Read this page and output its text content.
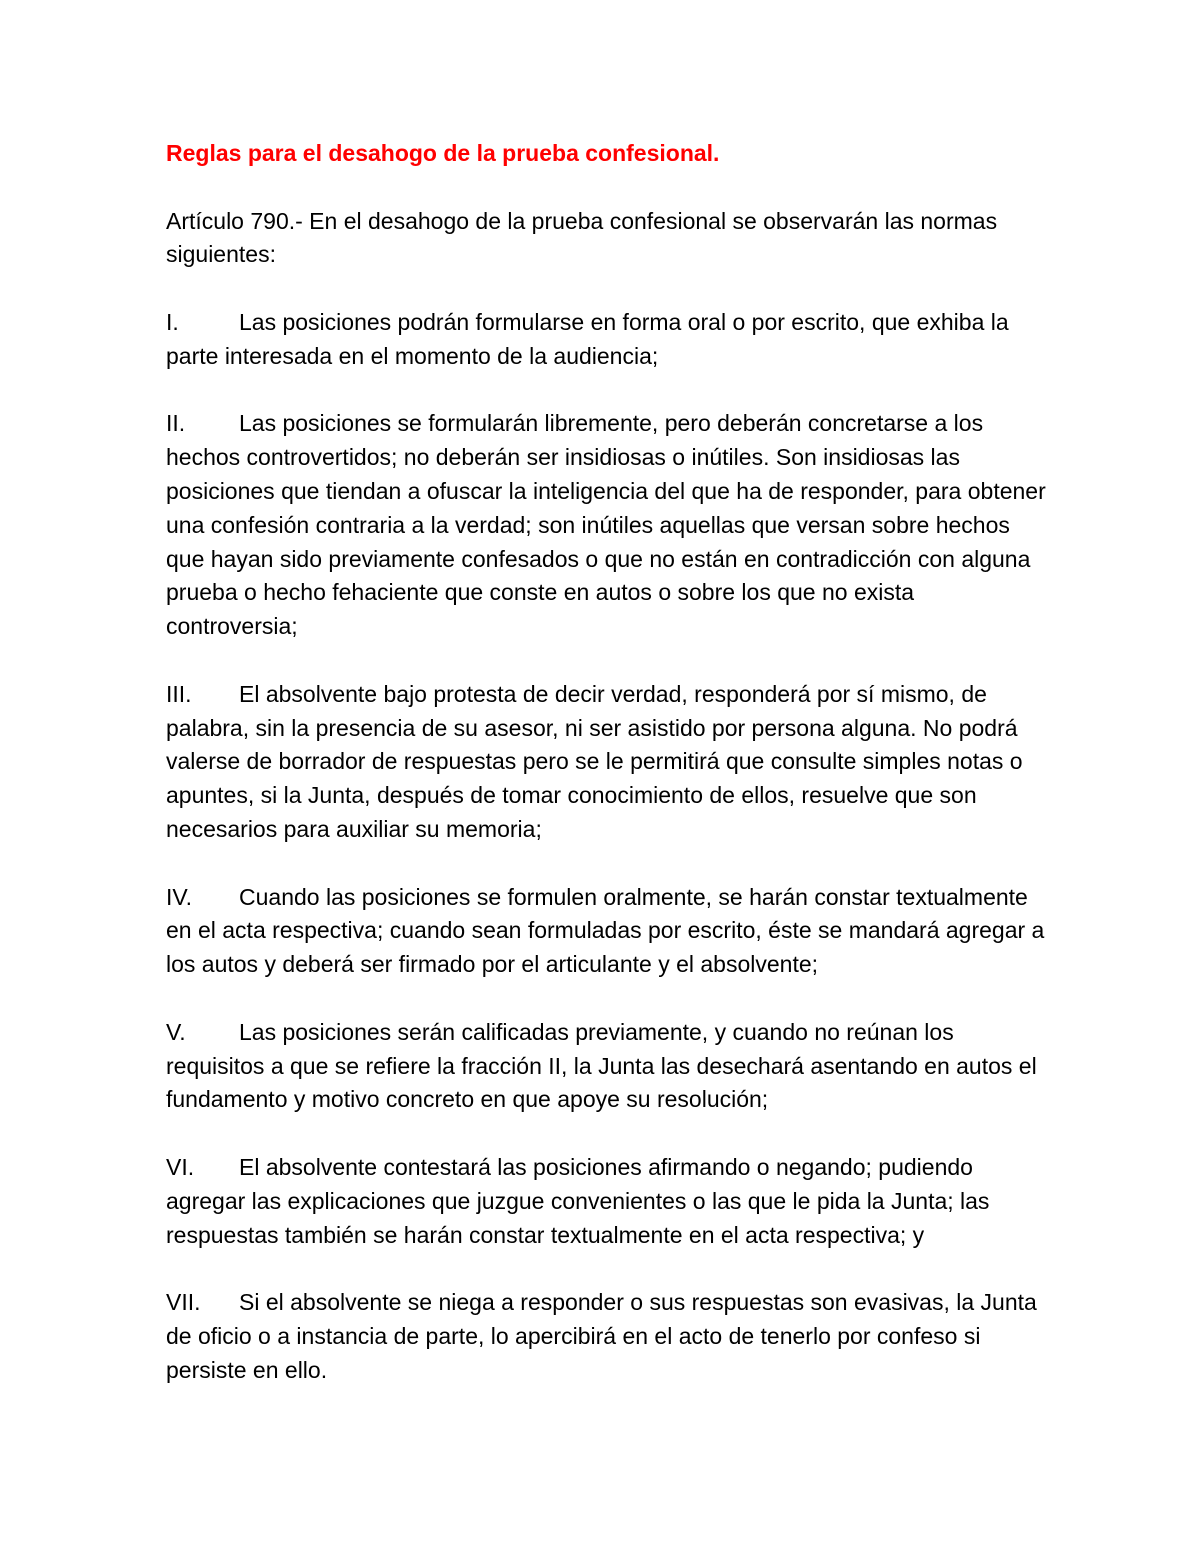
Reglas para el desahogo de la prueba confesional.

Artículo 790.- En el desahogo de la prueba confesional se observarán las normas siguientes:

I.	Las posiciones podrán formularse en forma oral o por escrito, que exhiba la parte interesada en el momento de la audiencia;

II. Las posiciones se formularán libremente, pero deberán concretarse a los hechos controvertidos; no deberán ser insidiosas o inútiles. Son insidiosas las posiciones que tiendan a ofuscar la inteligencia del que ha de responder, para obtener una confesión contraria a la verdad; son inútiles aquellas que versan sobre hechos que hayan sido previamente confesados o que no están en contradicción con alguna prueba o hecho fehaciente que conste en autos o sobre los que no exista controversia;

III. El absolvente bajo protesta de decir verdad, responderá por sí mismo, de palabra, sin la presencia de su asesor, ni ser asistido por persona alguna. No podrá valerse de borrador de respuestas pero se le permitirá que consulte simples notas o apuntes, si la Junta, después de tomar conocimiento de ellos, resuelve que son necesarios para auxiliar su memoria;

IV. Cuando las posiciones se formulen oralmente, se harán constar textualmente en el acta respectiva; cuando sean formuladas por escrito, éste se mandará agregar a los autos y deberá ser firmado por el articulante y el absolvente;

V. Las posiciones serán calificadas previamente, y cuando no reúnan los requisitos a que se refiere la fracción II, la Junta las desechará asentando en autos el fundamento y motivo concreto en que apoye su resolución;

VI. El absolvente contestará las posiciones afirmando o negando; pudiendo agregar las explicaciones que juzgue convenientes o las que le pida la Junta; las respuestas también se harán constar textualmente en el acta respectiva; y

VII. Si el absolvente se niega a responder o sus respuestas son evasivas, la Junta de oficio o a instancia de parte, lo apercibirá en el acto de tenerlo por confeso si persiste en ello.
